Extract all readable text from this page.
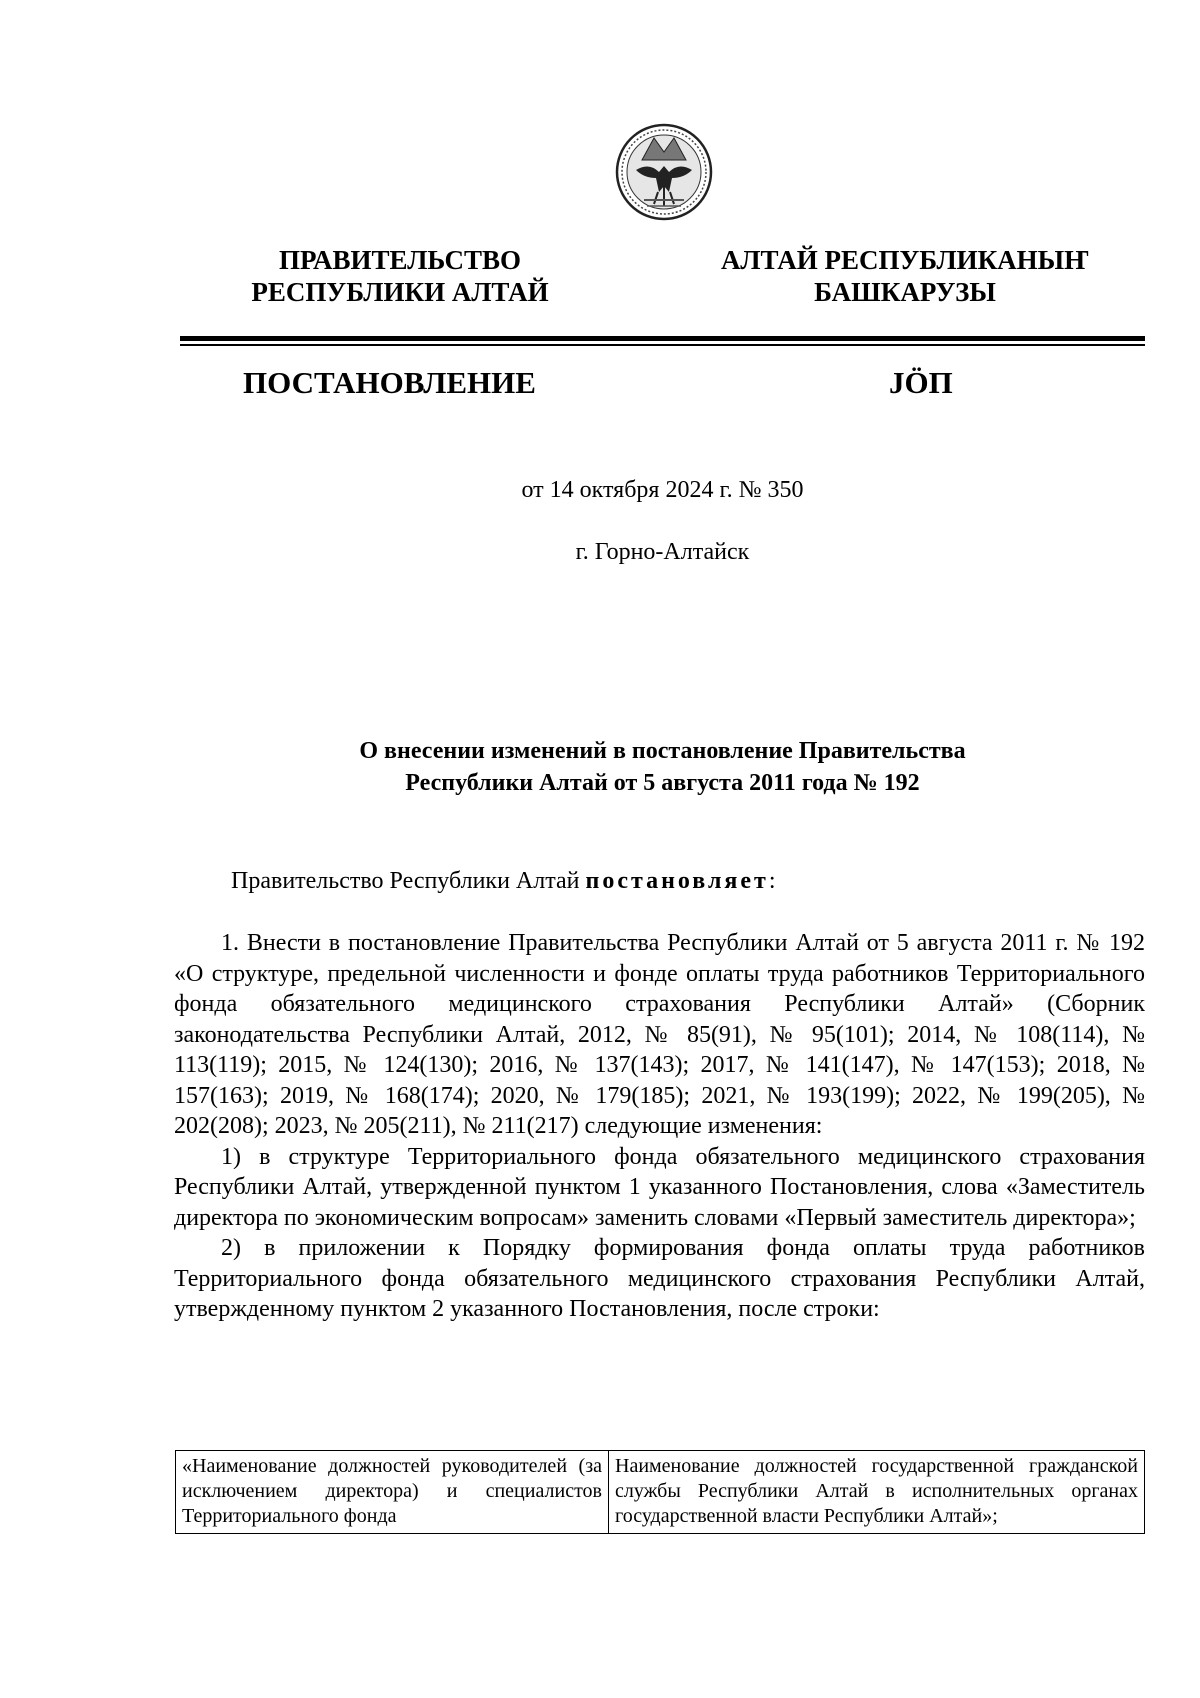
ПРАВИТЕЛЬСТВО
РЕСПУБЛИКИ АЛТАЙ
АЛТАЙ РЕСПУБЛИКАНЫҤ
БАШКАРУЗЫ
ПОСТАНОВЛЕНИЕ	JÖП
от 14 октября 2024 г. № 350
г. Горно-Алтайск
О внесении изменений в постановление Правительства
Республики Алтай от 5 августа 2011 года № 192
Правительство Республики Алтай постановляет:

1. Внести в постановление Правительства Республики Алтай от 5 августа 2011 г. № 192 «О структуре, предельной численности и фонде оплаты труда работников Территориального фонда обязательного медицинского страхования Республики Алтай» (Сборник законодательства Республики Алтай, 2012, № 85(91), № 95(101); 2014, № 108(114), № 113(119); 2015, № 124(130); 2016, № 137(143); 2017, № 141(147), № 147(153); 2018, № 157(163); 2019, № 168(174); 2020, № 179(185); 2021, № 193(199); 2022, № 199(205), № 202(208); 2023, № 205(211), № 211(217) следующие изменения:

1) в структуре Территориального фонда обязательного медицинского страхования Республики Алтай, утвержденной пунктом 1 указанного Постановления, слова «Заместитель директора по экономическим вопросам» заменить словами «Первый заместитель директора»;

2) в приложении к Порядку формирования фонда оплаты труда работников Территориального фонда обязательного медицинского страхования Республики Алтай, утвержденному пунктом 2 указанного Постановления, после строки:

«Наименование должностей руководителей (за исключением директора) и специалистов Территориального фонда	Наименование должностей государственной гражданской службы Республики Алтай в исполнительных органах государственной власти Республики Алтай»;
